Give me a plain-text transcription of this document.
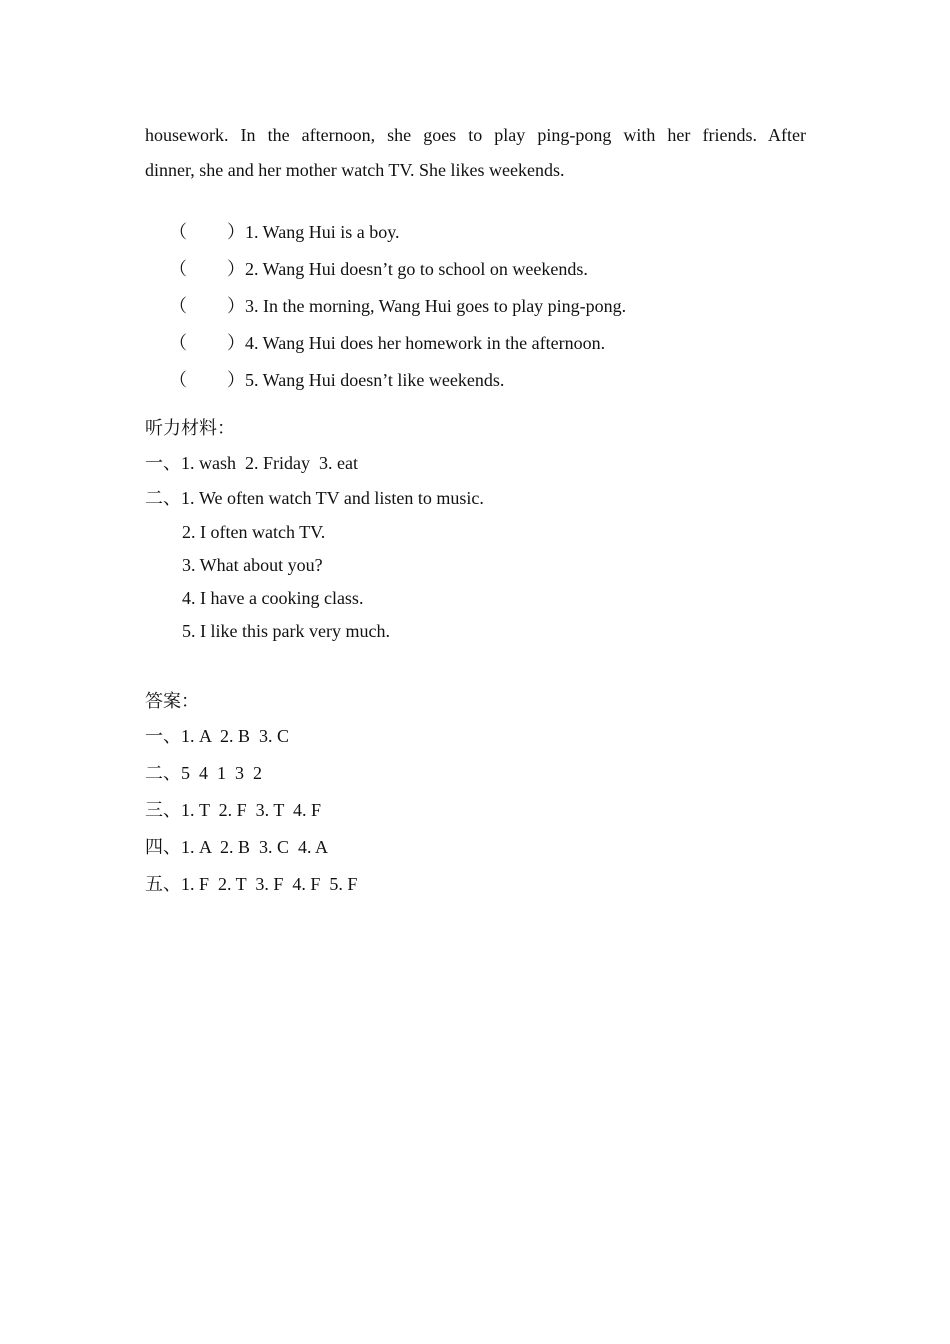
housework. In the afternoon, she goes to play ping-pong with her friends. After
dinner, she and her mother watch TV. She likes weekends.

（ ）1. Wang Hui is a boy.

（ ）2. Wang Hui doesn’t go to school on weekends.

（ ）3. In the morning, Wang Hui goes to play ping-pong.

（ ）4. Wang Hui does her homework in the afternoon.

（ ）5. Wang Hui doesn’t like weekends.

听力材料：
一、1. wash  2. Friday  3. eat
二、1. We often watch TV and listen to music.
2. I often watch TV.
3. What about you?
4. I have a cooking class.
5. I like this park very much.
答案：
一、1. A  2. B  3. C
二、5  4  1  3  2
三、1. T  2. F  3. T  4. F
四、1. A  2. B  3. C  4. A
五、1. F  2. T  3. F  4. F  5. F
